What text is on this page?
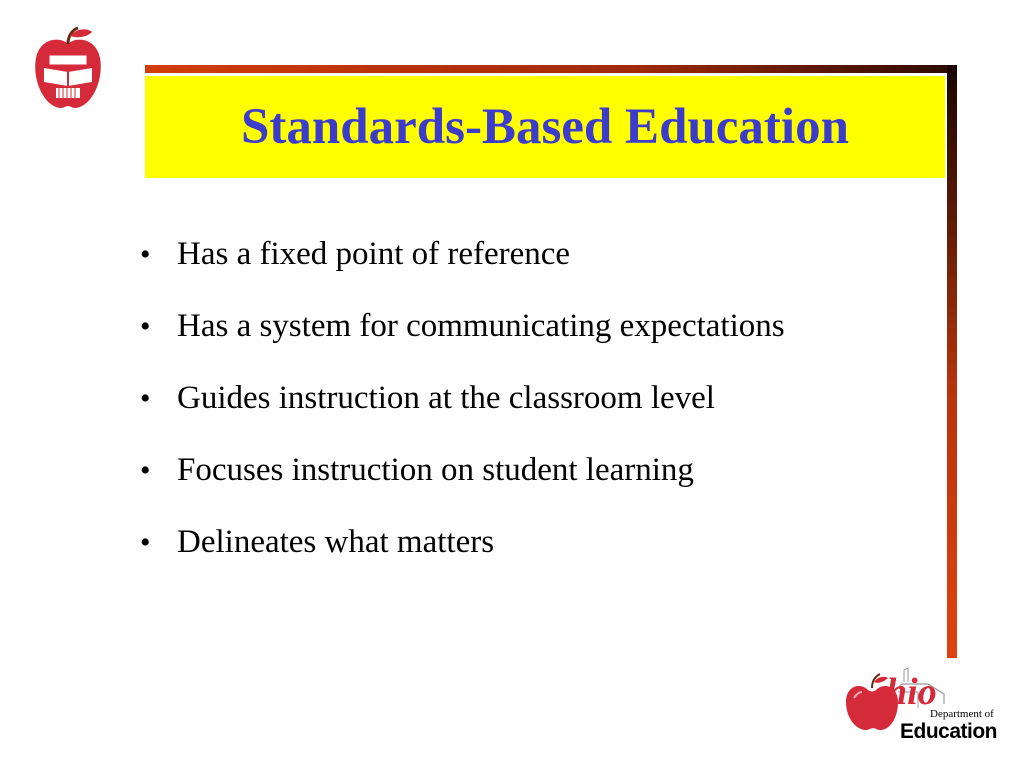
Standards-Based Education
• Has a fixed point of reference
• Has a system for communicating expectations
• Guides instruction at the classroom level
• Focuses instruction on student learning
• Delineates what matters
hio
Department of
Education
